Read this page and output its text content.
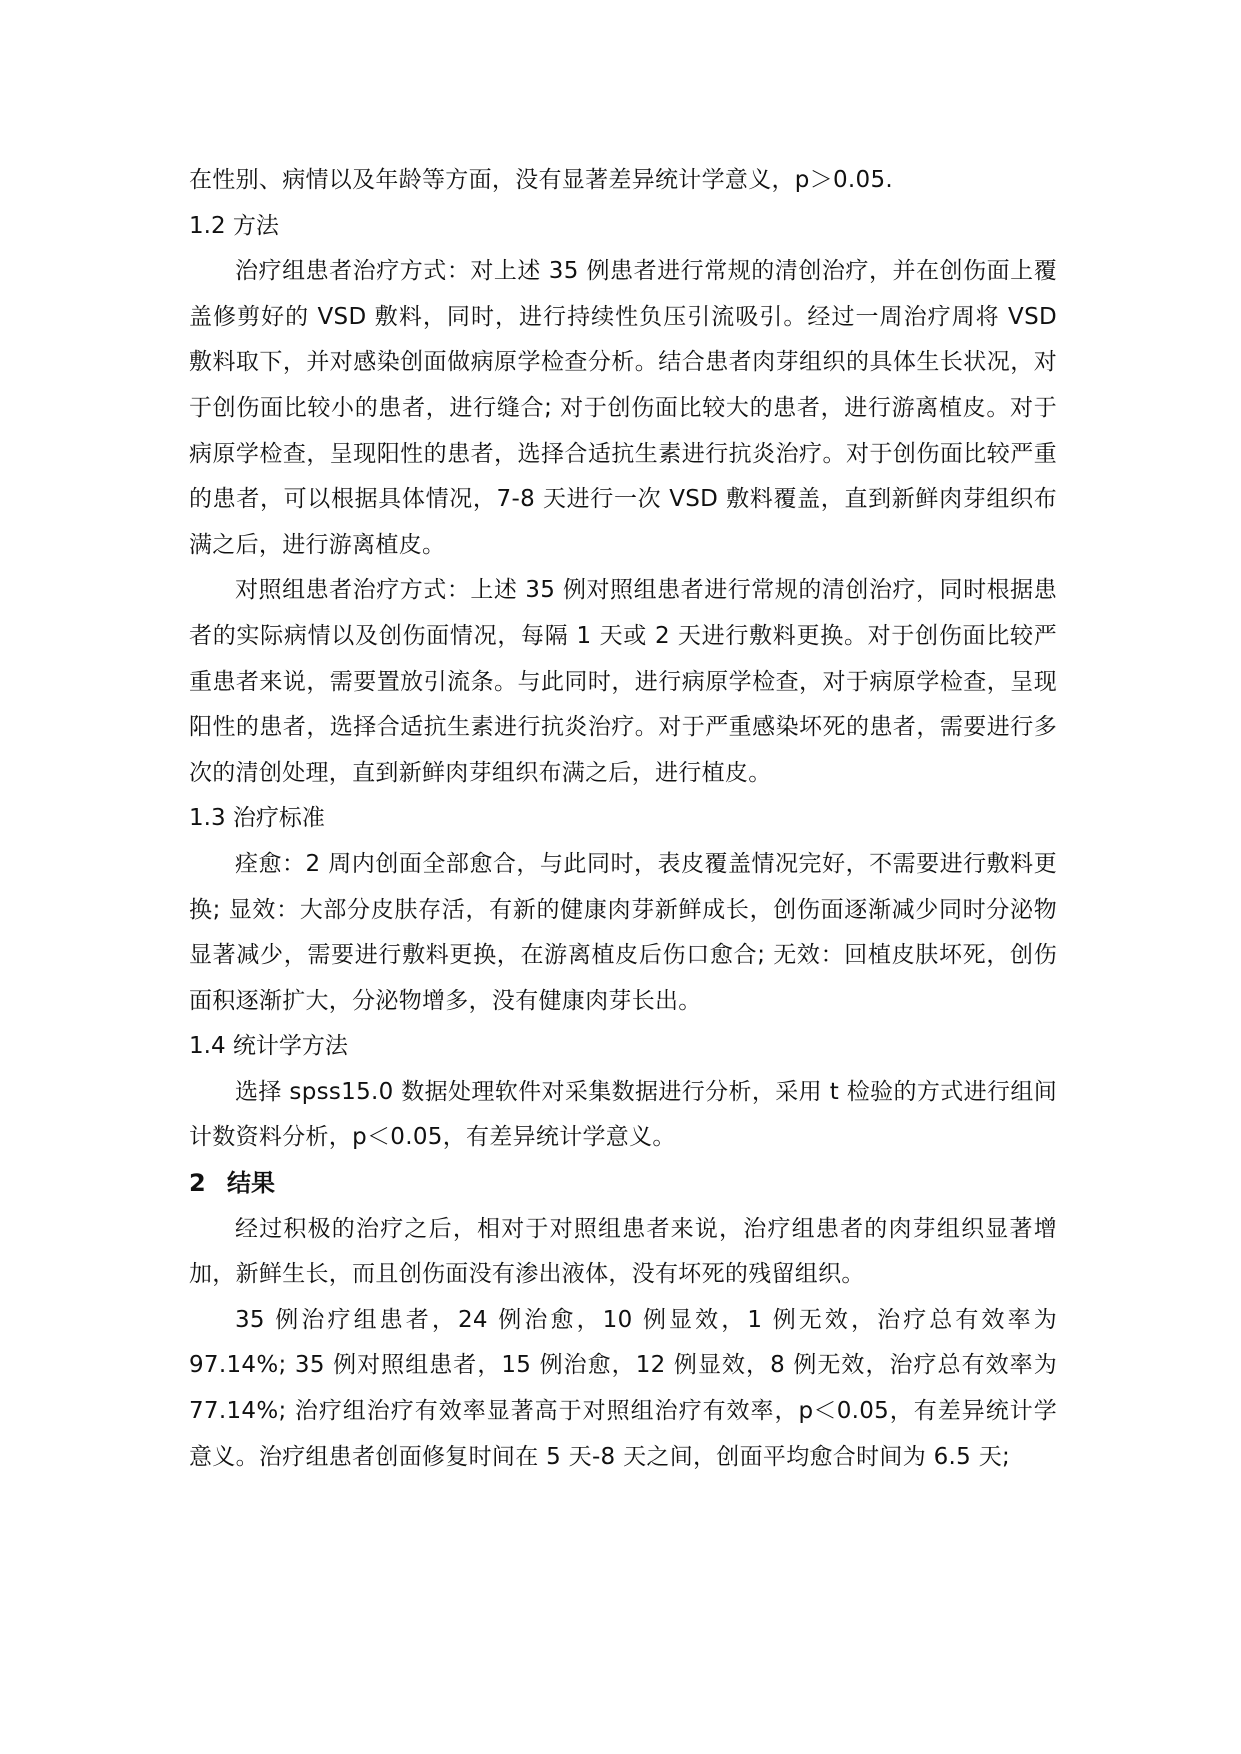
在性别、病情以及年龄等方面，没有显著差异统计学意义，p＞0.05.

1.2 方法

治疗组患者治疗方式：对上述 35 例患者进行常规的清创治疗，并在创伤面上覆盖修剪好的 VSD 敷料，同时，进行持续性负压引流吸引。经过一周治疗周将 VSD 敷料取下，并对感染创面做病原学检查分析。结合患者肉芽组织的具体生长状况，对于创伤面比较小的患者，进行缝合; 对于创伤面比较大的患者，进行游离植皮。对于病原学检查，呈现阳性的患者，选择合适抗生素进行抗炎治疗。对于创伤面比较严重的患者，可以根据具体情况，7-8 天进行一次 VSD 敷料覆盖，直到新鲜肉芽组织布满之后，进行游离植皮。

对照组患者治疗方式：上述 35 例对照组患者进行常规的清创治疗，同时根据患者的实际病情以及创伤面情况，每隔 1 天或 2 天进行敷料更换。对于创伤面比较严重患者来说，需要置放引流条。与此同时，进行病原学检查，对于病原学检查，呈现阳性的患者，选择合适抗生素进行抗炎治疗。对于严重感染坏死的患者，需要进行多次的清创处理，直到新鲜肉芽组织布满之后，进行植皮。

1.3 治疗标准

痊愈：2 周内创面全部愈合，与此同时，表皮覆盖情况完好，不需要进行敷料更换; 显效：大部分皮肤存活，有新的健康肉芽新鲜成长，创伤面逐渐减少同时分泌物显著减少，需要进行敷料更换，在游离植皮后伤口愈合; 无效：回植皮肤坏死，创伤面积逐渐扩大，分泌物增多，没有健康肉芽长出。

1.4 统计学方法

选择 spss15.0 数据处理软件对采集数据进行分析，采用 t 检验的方式进行组间计数资料分析，p＜0.05，有差异统计学意义。

2 结果

经过积极的治疗之后，相对于对照组患者来说，治疗组患者的肉芽组织显著增加，新鲜生长，而且创伤面没有渗出液体，没有坏死的残留组织。

35 例治疗组患者，24 例治愈，10 例显效，1 例无效，治疗总有效率为 97.14%; 35 例对照组患者，15 例治愈，12 例显效，8 例无效，治疗总有效率为 77.14%; 治疗组治疗有效率显著高于对照组治疗有效率，p＜0.05，有差异统计学意义。治疗组患者创面修复时间在 5 天-8 天之间，创面平均愈合时间为 6.5 天;
